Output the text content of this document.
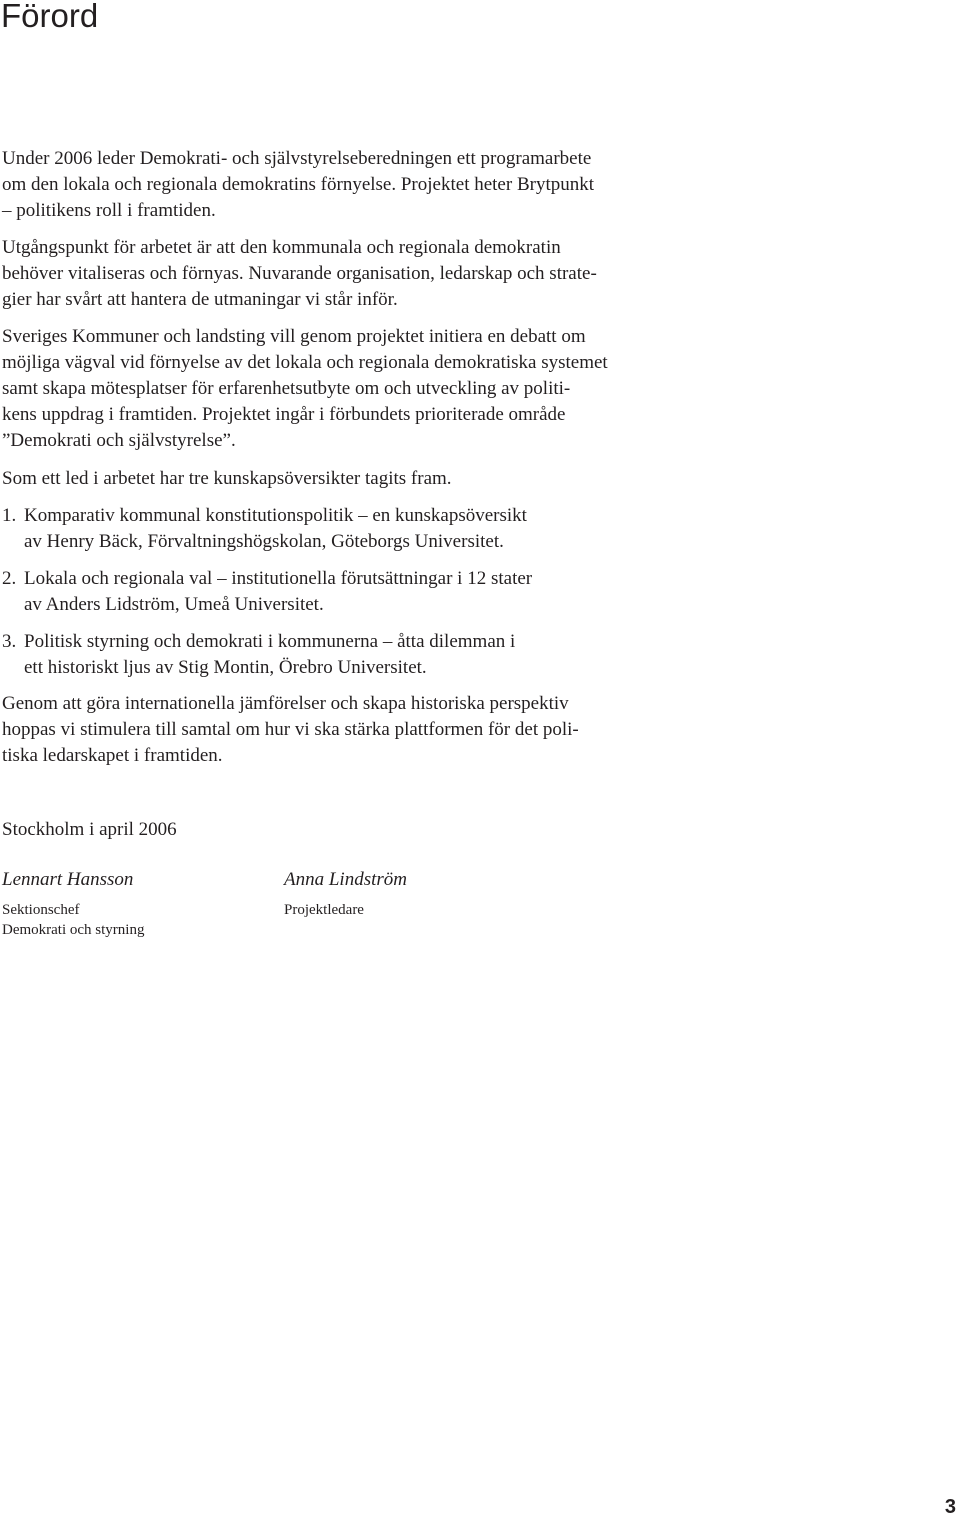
Förord
Under 2006 leder Demokrati- och självstyrelseberedningen ett programarbete
om den lokala och regionala demokratins förnyelse. Projektet heter Brytpunkt
– politikens roll i framtiden.
Utgångspunkt för arbetet är att den kommunala och regionala demokratin
behöver vitaliseras och förnyas. Nuvarande organisation, ledarskap och strate-
gier har svårt att hantera de utmaningar vi står inför.
Sveriges Kommuner och landsting vill genom projektet initiera en debatt om
möjliga vägval vid förnyelse av det lokala och regionala demokratiska systemet
samt skapa mötesplatser för erfarenhetsutbyte om och utveckling av politi-
kens uppdrag i framtiden. Projektet ingår i förbundets prioriterade område
”Demokrati och självstyrelse”.
Som ett led i arbetet har tre kunskapsöversikter tagits fram.
1. Komparativ kommunal konstitutionspolitik – en kunskapsöversikt
av Henry Bäck, Förvaltningshögskolan, Göteborgs Universitet.
2. Lokala och regionala val – institutionella förutsättningar i 12 stater
av Anders Lidström, Umeå Universitet.
3. Politisk styrning och demokrati i kommunerna – åtta dilemman i
ett historiskt ljus av Stig Montin, Örebro Universitet.
Genom att göra internationella jämförelser och skapa historiska perspektiv
hoppas vi stimulera till samtal om hur vi ska stärka plattformen för det poli-
tiska ledarskapet i framtiden.
Stockholm i april 2006
Lennart Hansson	Anna Lindström
Sektionschef
Demokrati och styrning
Projektledare
3
